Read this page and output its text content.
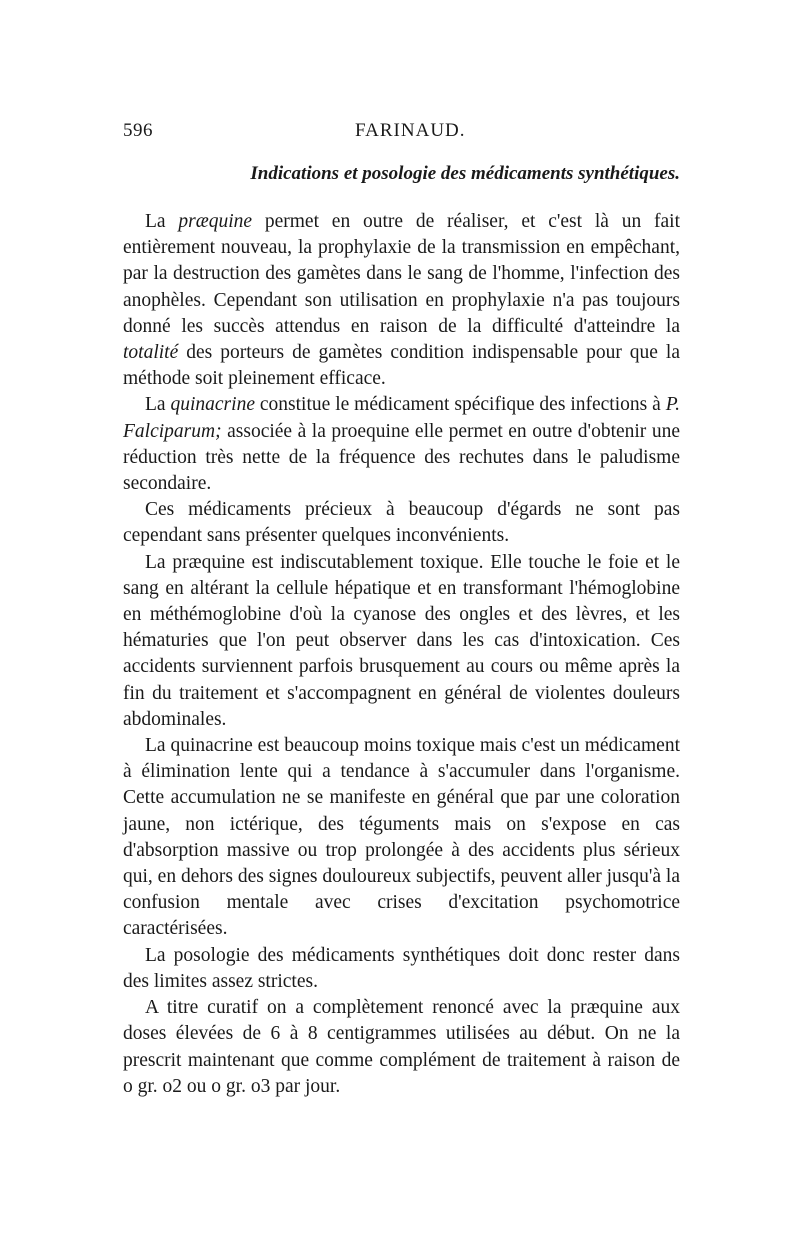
596	FARINAUD.
Indications et posologie des médicaments synthétiques.

La præquine permet en outre de réaliser, et c'est là un fait entièrement nouveau, la prophylaxie de la transmission en empêchant, par la destruction des gamètes dans le sang de l'homme, l'infection des anophèles. Cependant son utilisation en prophylaxie n'a pas toujours donné les succès attendus en raison de la difficulté d'atteindre la totalité des porteurs de gamètes condition indispensable pour que la méthode soit pleinement efficace.

La quinacrine constitue le médicament spécifique des infections à P. Falciparum; associée à la proequine elle permet en outre d'obtenir une réduction très nette de la fréquence des rechutes dans le paludisme secondaire.

Ces médicaments précieux à beaucoup d'égards ne sont pas cependant sans présenter quelques inconvénients.

La præquine est indiscutablement toxique. Elle touche le foie et le sang en altérant la cellule hépatique et en transformant l'hémoglobine en méthémoglobine d'où la cyanose des ongles et des lèvres, et les hématuries que l'on peut observer dans les cas d'intoxication. Ces accidents surviennent parfois brusquement au cours ou même après la fin du traitement et s'accompagnent en général de violentes douleurs abdominales.

La quinacrine est beaucoup moins toxique mais c'est un médicament à élimination lente qui a tendance à s'accumuler dans l'organisme. Cette accumulation ne se manifeste en général que par une coloration jaune, non ictérique, des téguments mais on s'expose en cas d'absorption massive ou trop prolongée à des accidents plus sérieux qui, en dehors des signes douloureux subjectifs, peuvent aller jusqu'à la confusion mentale avec crises d'excitation psychomotrice caractérisées.

La posologie des médicaments synthétiques doit donc rester dans des limites assez strictes.

A titre curatif on a complètement renoncé avec la præquine aux doses élevées de 6 à 8 centigrammes utilisées au début. On ne la prescrit maintenant que comme complément de traitement à raison de o gr. o2 ou o gr. o3 par jour.
